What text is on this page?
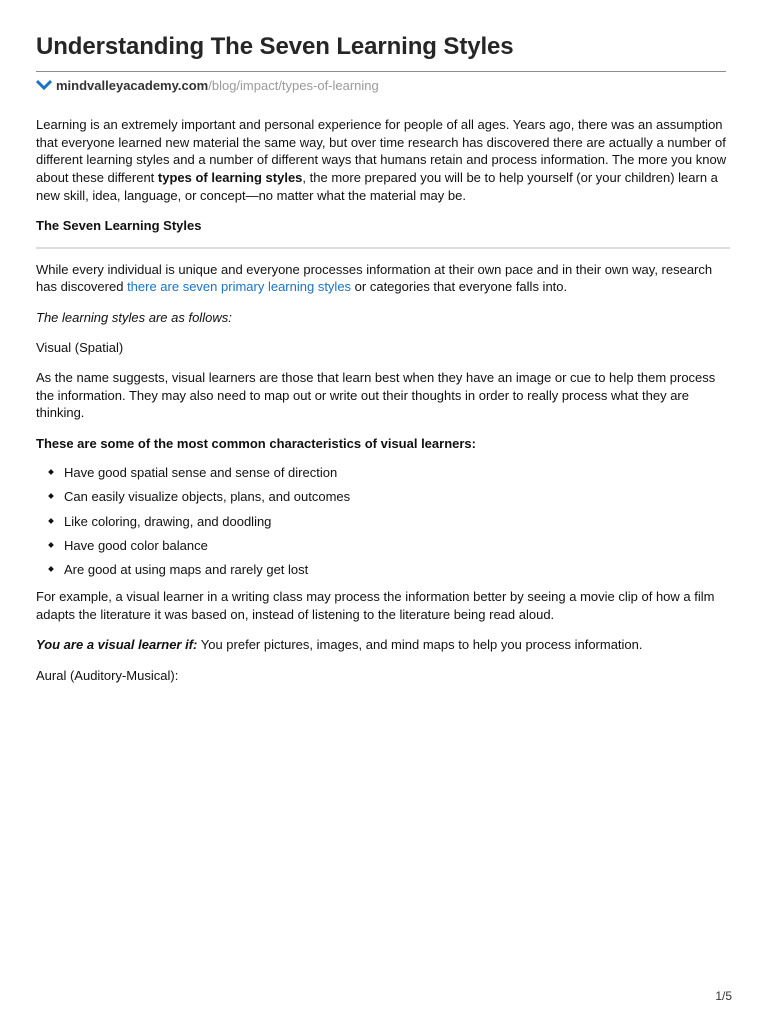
Understanding The Seven Learning Styles
mindvalleyacademy.com/blog/impact/types-of-learning

Learning is an extremely important and personal experience for people of all ages. Years ago, there was an assumption that everyone learned new material the same way, but over time research has discovered there are actually a number of different learning styles and a number of different ways that humans retain and process information. The more you know about these different types of learning styles, the more prepared you will be to help yourself (or your children) learn a new skill, idea, language, or concept—no matter what the material may be.

The Seven Learning Styles

While every individual is unique and everyone processes information at their own pace and in their own way, research has discovered there are seven primary learning styles or categories that everyone falls into.

The learning styles are as follows:

Visual (Spatial)

As the name suggests, visual learners are those that learn best when they have an image or cue to help them process the information. They may also need to map out or write out their thoughts in order to really process what they are thinking.

These are some of the most common characteristics of visual learners:

Have good spatial sense and sense of direction
Can easily visualize objects, plans, and outcomes
Like coloring, drawing, and doodling
Have good color balance
Are good at using maps and rarely get lost

For example, a visual learner in a writing class may process the information better by seeing a movie clip of how a film adapts the literature it was based on, instead of listening to the literature being read aloud.

You are a visual learner if: You prefer pictures, images, and mind maps to help you process information.

Aural (Auditory-Musical):

1/5
